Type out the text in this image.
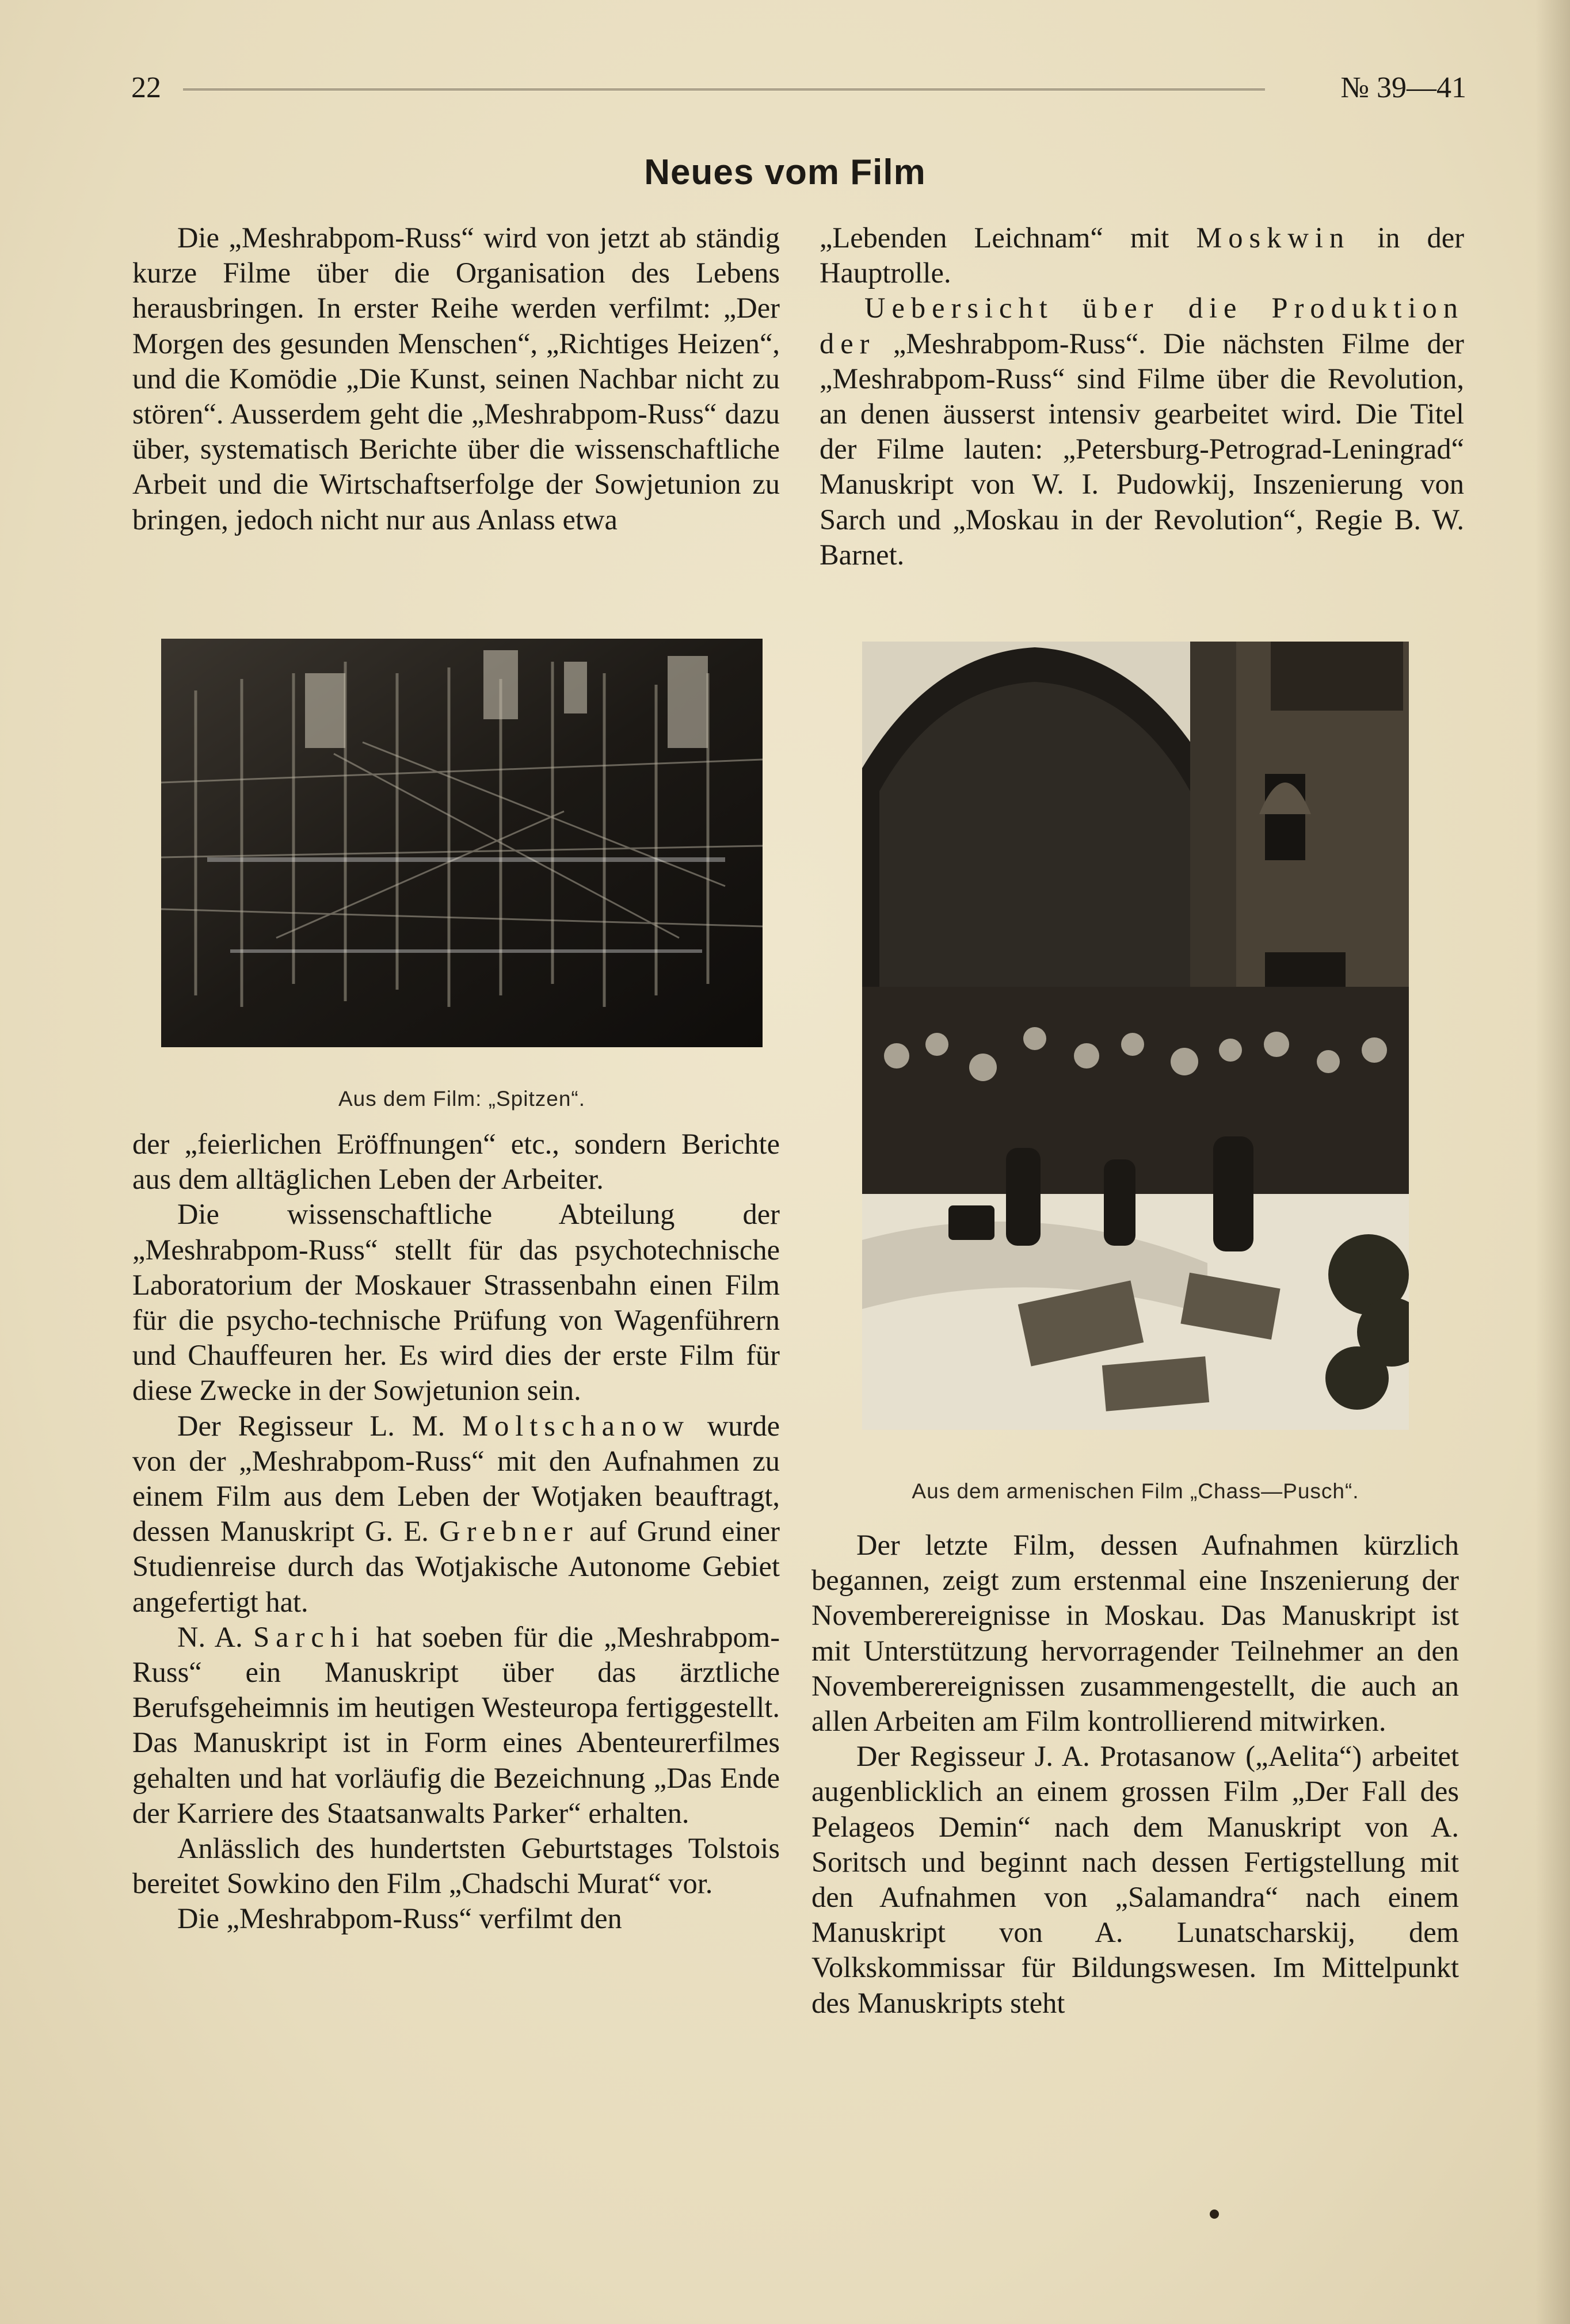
22	№ 39—41
Neues vom Film

Die „Meshrabpom-Russ“ wird von jetzt ab ständig kurze Filme über die Organisation des Lebens herausbringen. In erster Reihe werden verfilmt: „Der Morgen des gesunden Menschen“, „Richtiges Heizen“, und die Komödie „Die Kunst, seinen Nachbar nicht zu stören“. Ausserdem geht die „Meshrabpom-Russ“ dazu über, systematisch Berichte über die wissenschaftliche Arbeit und die Wirtschaftserfolge der Sowjetunion zu bringen, jedoch nicht nur aus Anlass etwa

„Lebenden Leichnam“ mit Moskwin in der Hauptrolle.

Uebersicht über die Produktion der „Meshrabpom-Russ“. Die nächsten Filme der „Meshrabpom-Russ“ sind Filme über die Revolution, an denen äusserst intensiv gearbeitet wird. Die Titel der Filme lauten: „Petersburg-Petrograd-Leningrad“ Manuskript von W. I. Pudowkij, Inszenierung von Sarch und „Moskau in der Revolution“, Regie B. W. Barnet.

Aus dem Film: „Spitzen“.
Aus dem armenischen Film „Chass—Pusch“.

der „feierlichen Eröffnungen“ etc., sondern Berichte aus dem alltäglichen Leben der Arbeiter.

Die wissenschaftliche Abteilung der „Meshrabpom-Russ“ stellt für das psychotechnische Laboratorium der Moskauer Strassenbahn einen Film für die psycho-technische Prüfung von Wagenführern und Chauffeuren her. Es wird dies der erste Film für diese Zwecke in der Sowjetunion sein.

Der Regisseur L. M. Moltschanow wurde von der „Meshrabpom-Russ“ mit den Aufnahmen zu einem Film aus dem Leben der Wotjaken beauftragt, dessen Manuskript G. E. Grebner auf Grund einer Studienreise durch das Wotjakische Autonome Gebiet angefertigt hat.

N. A. Sarchi hat soeben für die „Meshrabpom-Russ“ ein Manuskript über das ärztliche Berufsgeheimnis im heutigen Westeuropa fertiggestellt. Das Manuskript ist in Form eines Abenteurerfilmes gehalten und hat vorläufig die Bezeichnung „Das Ende der Karriere des Staatsanwalts Parker“ erhalten.

Anlässlich des hundertsten Geburtstages Tolstois bereitet Sowkino den Film „Chadschi Murat“ vor.

Die „Meshrabpom-Russ“ verfilmt den

Der letzte Film, dessen Aufnahmen kürzlich begannen, zeigt zum erstenmal eine Inszenierung der Novemberereignisse in Moskau. Das Manuskript ist mit Unterstützung hervorragender Teilnehmer an den Novemberereignissen zusammengestellt, die auch an allen Arbeiten am Film kontrollierend mitwirken.

Der Regisseur J. A. Protasanow („Aelita“) arbeitet augenblicklich an einem grossen Film „Der Fall des Pelageos Demin“ nach dem Manuskript von A. Soritsch und beginnt nach dessen Fertigstellung mit den Aufnahmen von „Salamandra“ nach einem Manuskript von A. Lunatscharskij, dem Volkskommissar für Bildungswesen. Im Mittelpunkt des Manuskripts steht
